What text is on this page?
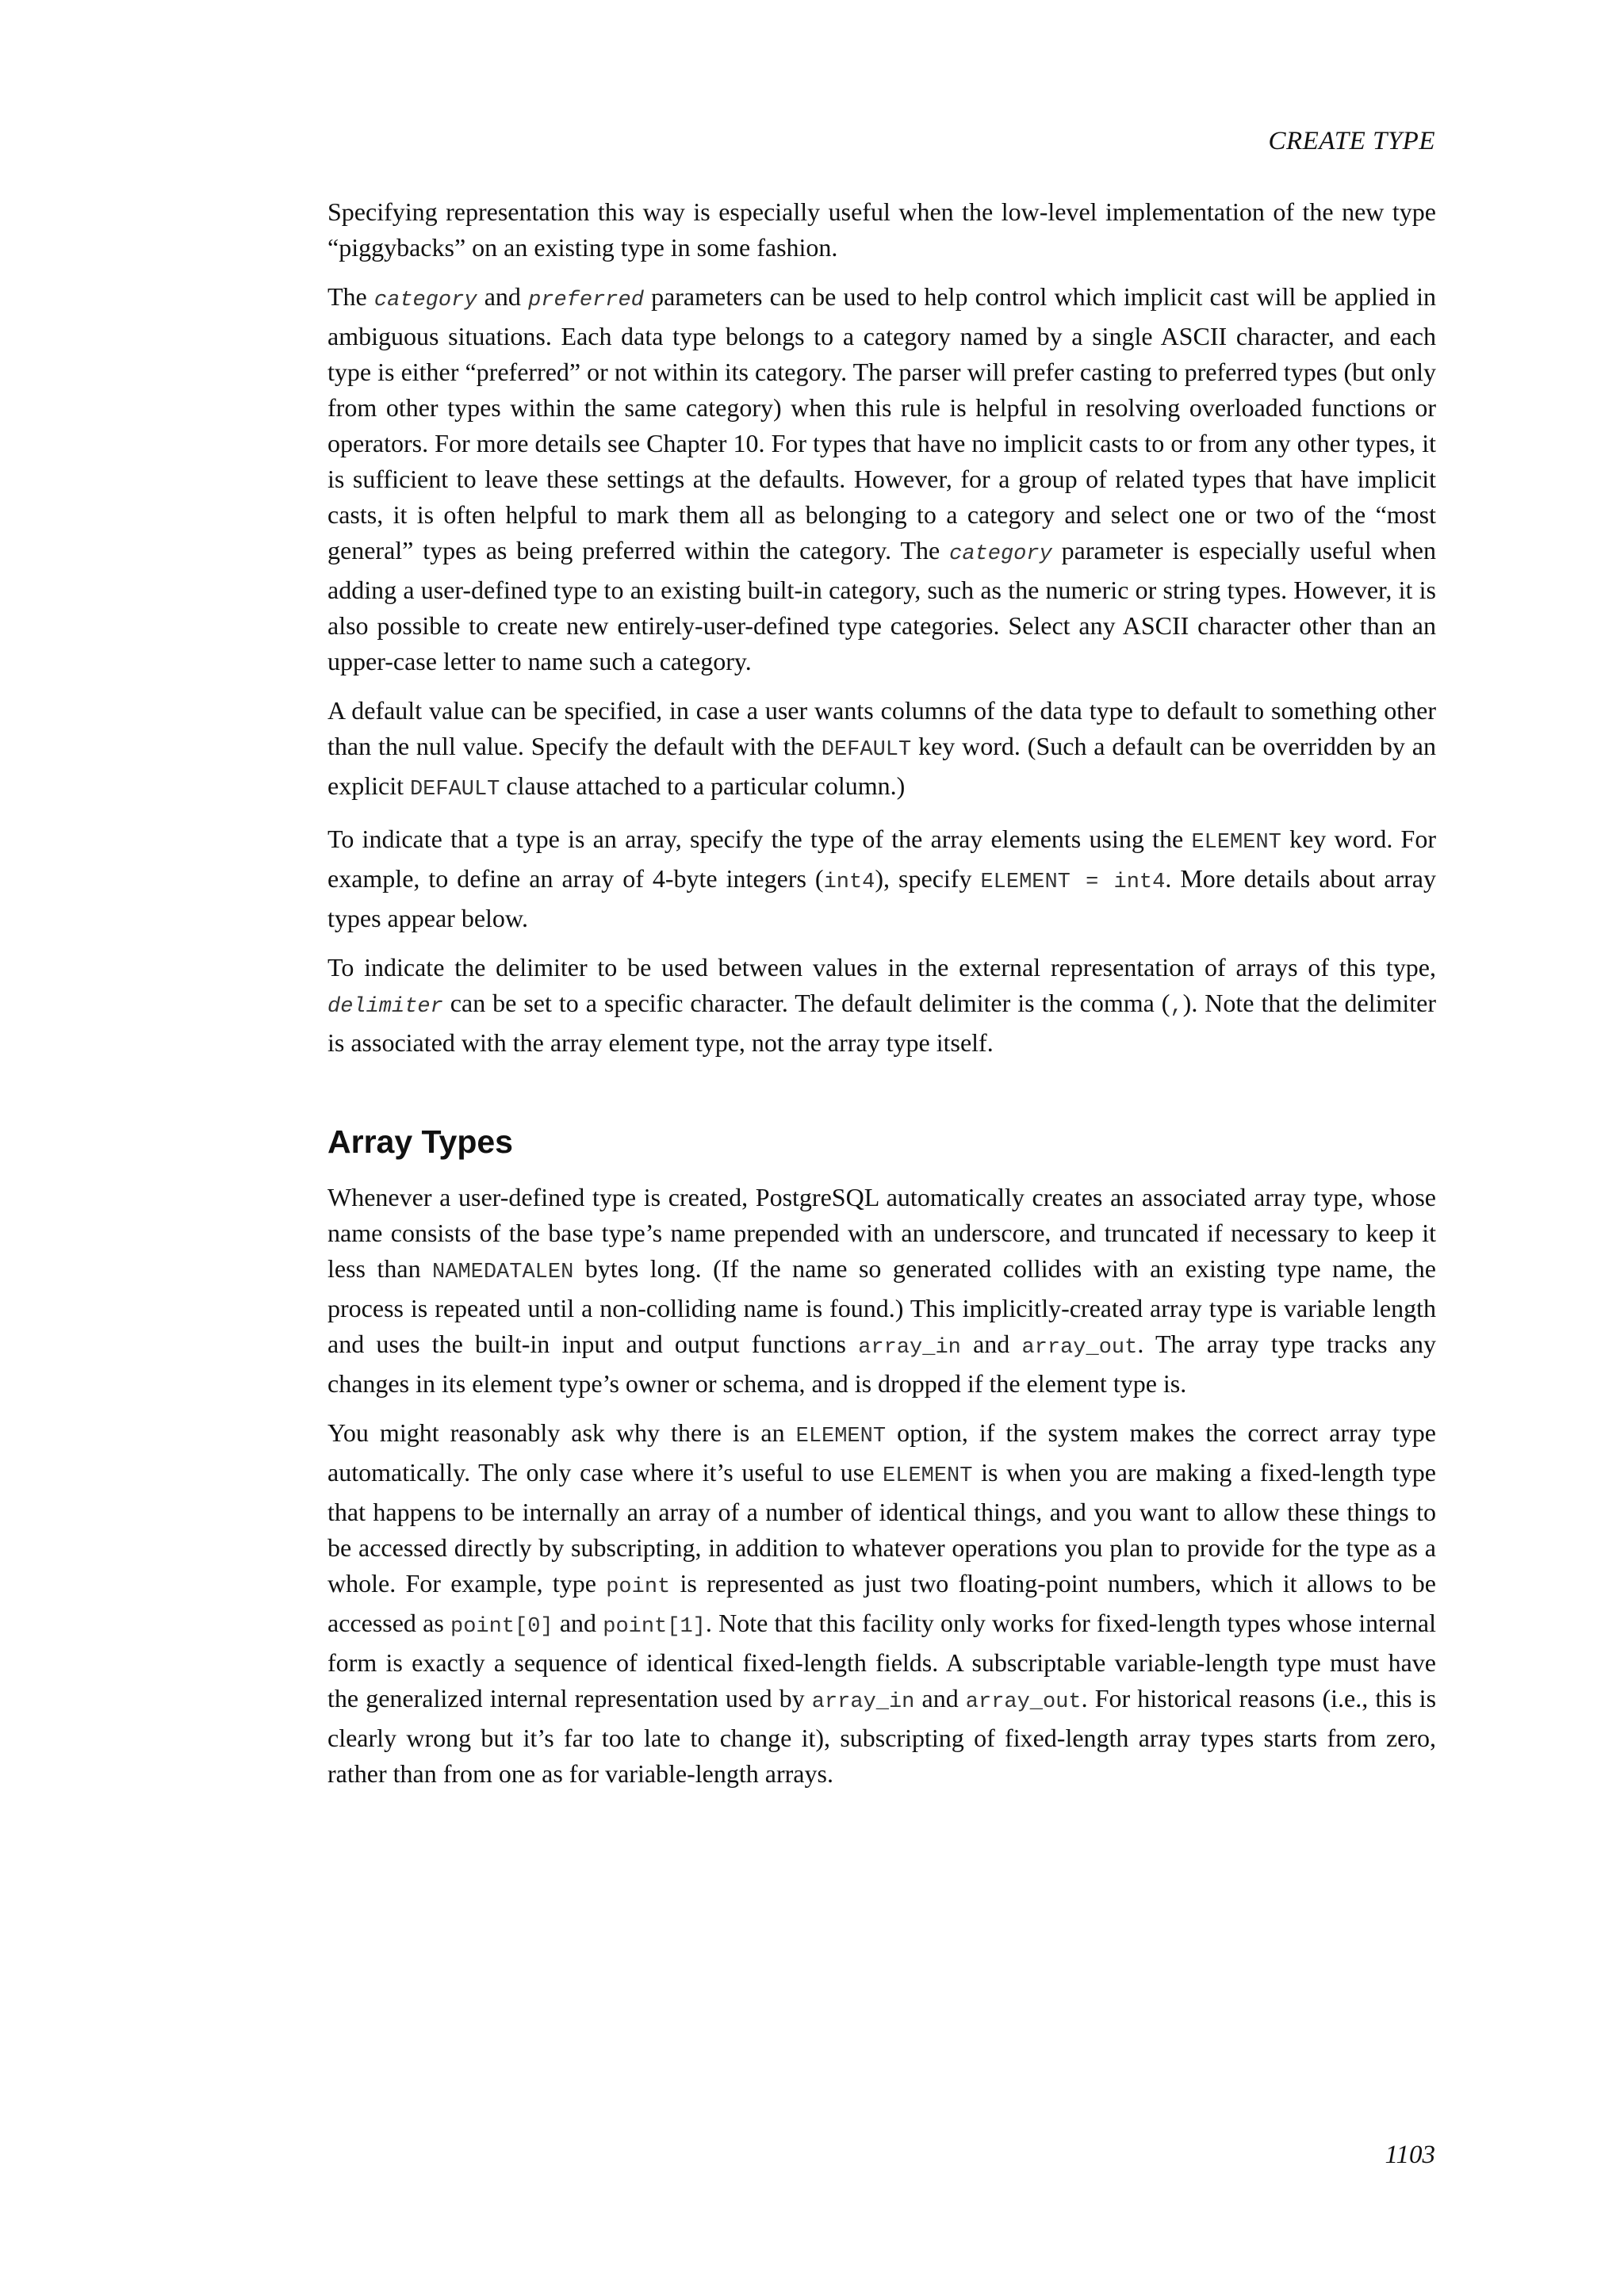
CREATE TYPE

Specifying representation this way is especially useful when the low-level implementation of the new type “piggybacks” on an existing type in some fashion.

The category and preferred parameters can be used to help control which implicit cast will be applied in ambiguous situations. Each data type belongs to a category named by a single ASCII character, and each type is either “preferred” or not within its category. The parser will prefer casting to preferred types (but only from other types within the same category) when this rule is helpful in resolving overloaded functions or operators. For more details see Chapter 10. For types that have no implicit casts to or from any other types, it is sufficient to leave these settings at the defaults. However, for a group of related types that have implicit casts, it is often helpful to mark them all as belonging to a category and select one or two of the “most general” types as being preferred within the category. The category parameter is especially useful when adding a user-defined type to an existing built-in category, such as the numeric or string types. However, it is also possible to create new entirely-user-defined type categories. Select any ASCII character other than an upper-case letter to name such a category.

A default value can be specified, in case a user wants columns of the data type to default to something other than the null value. Specify the default with the DEFAULT key word. (Such a default can be overridden by an explicit DEFAULT clause attached to a particular column.)

To indicate that a type is an array, specify the type of the array elements using the ELEMENT key word. For example, to define an array of 4-byte integers (int4), specify ELEMENT = int4. More details about array types appear below.

To indicate the delimiter to be used between values in the external representation of arrays of this type, delimiter can be set to a specific character. The default delimiter is the comma (,). Note that the delimiter is associated with the array element type, not the array type itself.

Array Types

Whenever a user-defined type is created, PostgreSQL automatically creates an associated array type, whose name consists of the base type’s name prepended with an underscore, and truncated if necessary to keep it less than NAMEDATALEN bytes long. (If the name so generated collides with an existing type name, the process is repeated until a non-colliding name is found.) This implicitly-created array type is variable length and uses the built-in input and output functions array_in and array_out. The array type tracks any changes in its element type’s owner or schema, and is dropped if the element type is.

You might reasonably ask why there is an ELEMENT option, if the system makes the correct array type automatically. The only case where it’s useful to use ELEMENT is when you are making a fixed-length type that happens to be internally an array of a number of identical things, and you want to allow these things to be accessed directly by subscripting, in addition to whatever operations you plan to provide for the type as a whole. For example, type point is represented as just two floating-point numbers, which it allows to be accessed as point[0] and point[1]. Note that this facility only works for fixed-length types whose internal form is exactly a sequence of identical fixed-length fields. A subscriptable variable-length type must have the generalized internal representation used by array_in and array_out. For historical reasons (i.e., this is clearly wrong but it’s far too late to change it), subscripting of fixed-length array types starts from zero, rather than from one as for variable-length arrays.

1103
